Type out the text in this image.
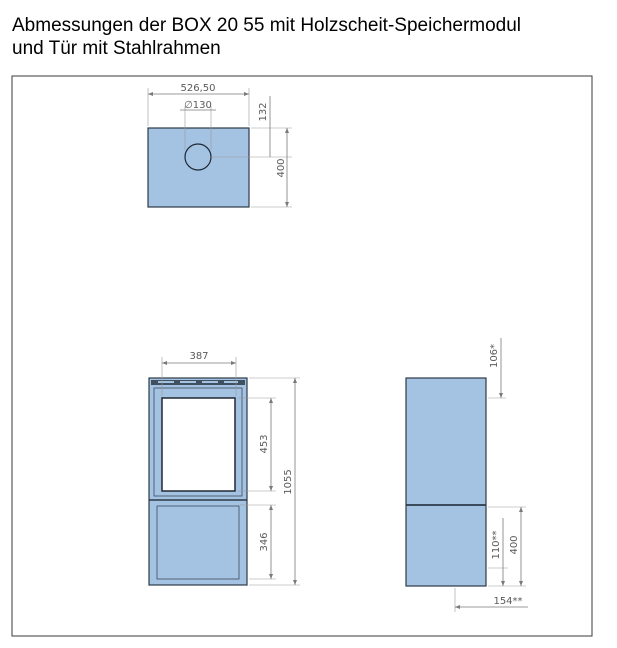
Abmessungen der BOX 20 55 mit Holzscheit-Speichermodul
und Tür mit Stahlrahmen
526,50
∅130	132
400
387
453
346
1055
106*
110** 400
154**
